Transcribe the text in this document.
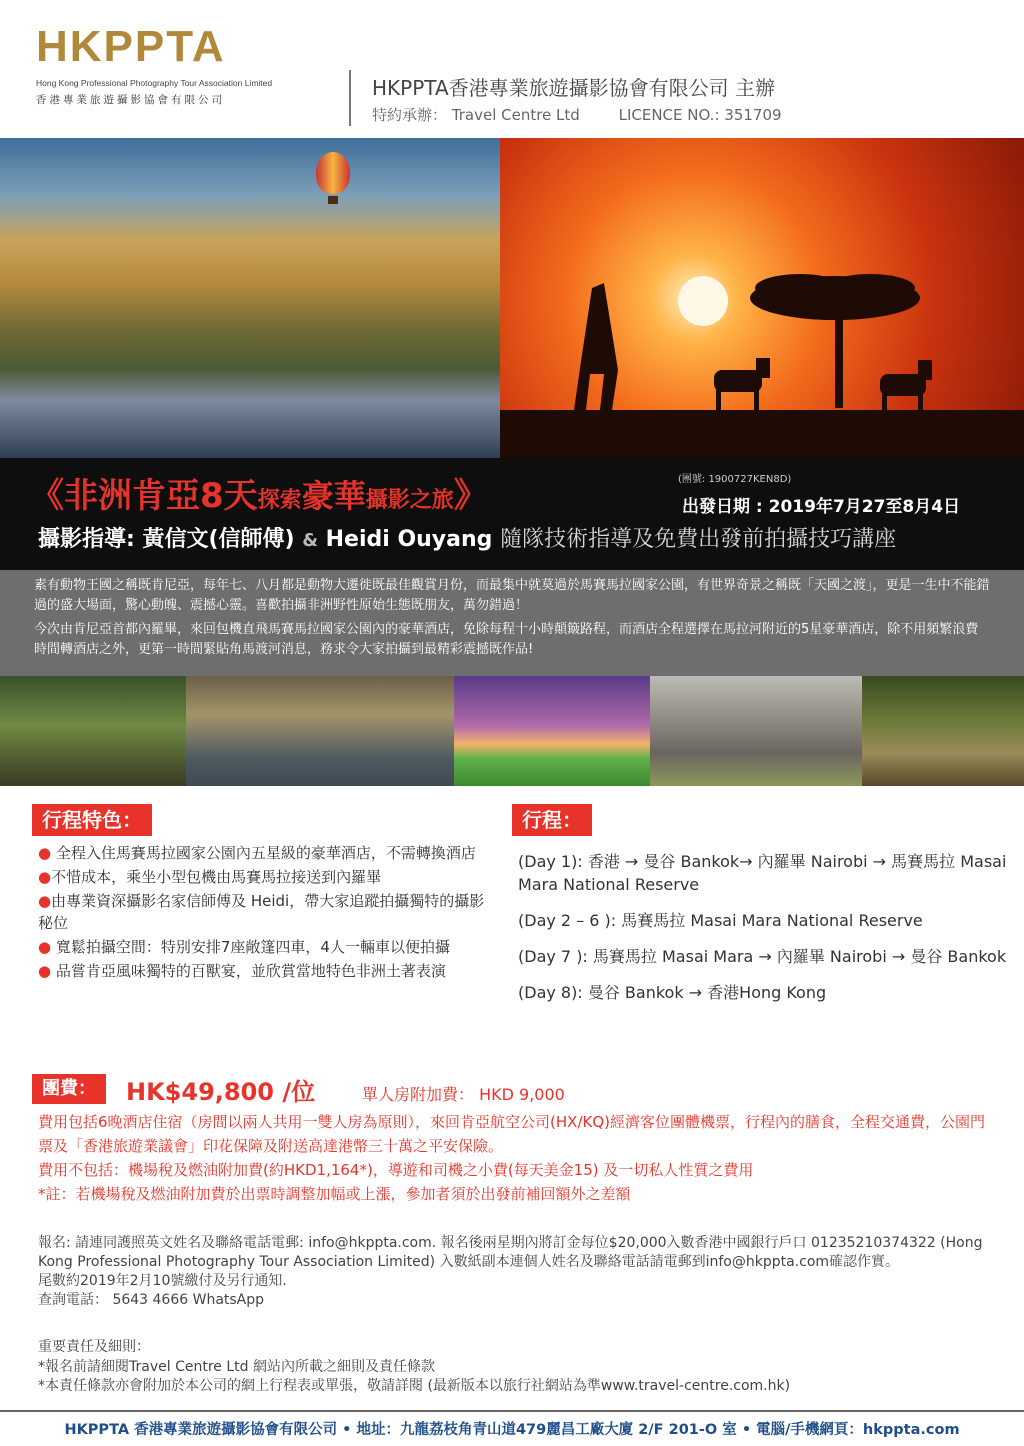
HKPPTA
Hong Kong Professional Photography Tour Association Limited
香港專業旅遊攝影協會有限公司	HKPPTA香港專業旅遊攝影協會有限公司 主辦
特約承辦： Travel Centre Ltd	LICENCE NO.: 351709
《非洲肯亞8天探索豪華攝影之旅》	(團號: 1900727KEN8D)
出發日期 : 2019年7月27至8月4日
攝影指導: 黃信文(信師傅) & Heidi Ouyang 隨隊技術指導及免費出發前拍攝技巧講座

素有動物王國之稱既肯尼亞，每年七、八月都是動物大遷徙既最佳觀賞月份，而最集中就莫過於馬賽馬拉國家公園，有世界奇景之稱既「天國之渡」，更是一生中不能錯過的盛大場面，驚心動魄、震撼心靈。喜歡拍攝非洲野性原始生態既朋友，萬勿錯過！

今次由肯尼亞首都內羅畢，來回包機直飛馬賽馬拉國家公園內的豪華酒店，免除每程十小時顛簸路程，而酒店全程選擇在馬拉河附近的5星豪華酒店，除不用頻繁浪費時間轉酒店之外，更第一時間緊貼角馬渡河消息，務求令大家拍攝到最精彩震撼既作品!

行程特色：
● 全程入住馬賽馬拉國家公園內五星級的豪華酒店，不需轉換酒店
●不惜成本，乘坐小型包機由馬賽馬拉接送到內羅畢
●由專業資深攝影名家信師傅及 Heidi，帶大家追蹤拍攝獨特的攝影秘位
● 寬鬆拍攝空間：特別安排7座敞篷四車，4人一輛車以便拍攝
● 品嘗肯亞風味獨特的百獸宴，並欣賞當地特色非洲土著表演
行程：
(Day 1): 香港 → 曼谷 Bankok→ 內羅畢 Nairobi → 馬賽馬拉 Masai Mara National Reserve
(Day 2 – 6 ): 馬賽馬拉 Masai Mara National Reserve
(Day 7 ): 馬賽馬拉 Masai Mara → 內羅畢 Nairobi → 曼谷 Bankok
(Day 8): 曼谷 Bankok → 香港Hong Kong
團費：	HK$49,800 /位	單人房附加費： HKD 9,000
費用包括6晚酒店住宿（房間以兩人共用一雙人房為原則），來回肯亞航空公司(HX/KQ)經濟客位團體機票，行程內的膳食，全程交通費，公園門票及「香港旅遊業議會」印花保障及附送高達港幣三十萬之平安保險。
費用不包括：機場稅及燃油附加費(約HKD1,164*)，導遊和司機之小費(每天美金15) 及一切私人性質之費用
*註：若機場稅及燃油附加費於出票時調整加幅或上漲，參加者須於出發前補回額外之差額
報名: 請連同護照英文姓名及聯絡電話電郵: info@hkppta.com. 報名後兩星期內將訂金每位$20,000入數香港中國銀行戶口 01235210374322 (Hong Kong Professional Photography Tour Association Limited) 入數紙副本連個人姓名及聯絡電話請電郵到info@hkppta.com確認作實。
尾數約2019年2月10號繳付及另行通知.
查詢電話： 5643 4666 WhatsApp
重要責任及細則：
*報名前請細閱Travel Centre Ltd 網站內所載之細則及責任條款
*本責任條款亦會附加於本公司的網上行程表或單張，敬請詳閱 (最新版本以旅行社網站為準www.travel-centre.com.hk)
HKPPTA 香港專業旅遊攝影協會有限公司 • 地址：九龍荔枝角青山道479麗昌工廠大廈 2/F 201-O 室 • 電腦/手機網頁：hkppta.com
